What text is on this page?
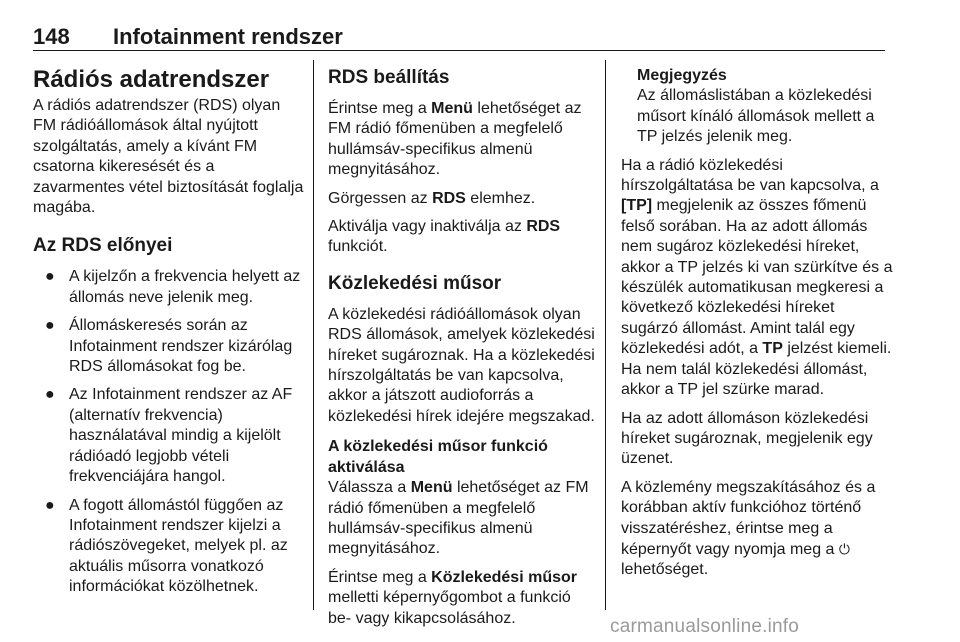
148 Infotainment rendszer
Rádiós adatrendszer

A rádiós adatrendszer (RDS) olyan FM rádióállomások által nyújtott szolgáltatás, amely a kívánt FM csatorna kikeresését és a zavarmentes vétel biztosítását foglalja magába.

Az RDS előnyei
● A kijelzőn a frekvencia helyett az állomás neve jelenik meg.
● Állomáskeresés során az Infotainment rendszer kizárólag RDS állomásokat fog be.
● Az Infotainment rendszer az AF (alternatív frekvencia) használatával mindig a kijelölt rádióadó legjobb vételi frekvenciájára hangol.
● A fogott állomástól függően az Infotainment rendszer kijelzi a rádiószövegeket, melyek pl. az aktuális műsorra vonatkozó információkat közölhetnek.
RDS beállítás

Érintse meg a Menü lehetőséget az FM rádió főmenüben a megfelelő hullámsáv-specifikus almenü megnyitásához.

Görgessen az RDS elemhez.

Aktiválja vagy inaktiválja az RDS funkciót.

Közlekedési műsor

A közlekedési rádióállomások olyan RDS állomások, amelyek közlekedési híreket sugároznak. Ha a közlekedési hírszolgáltatás be van kapcsolva, akkor a játszott audioforrás a közlekedési hírek idejére megszakad.

A közlekedési műsor funkció aktiválása

Válassza a Menü lehetőséget az FM rádió főmenüben a megfelelő hullámsáv-specifikus almenü megnyitásához.

Érintse meg a Közlekedési műsor melletti képernyőgombot a funkció be- vagy kikapcsolásához.

Megjegyzés
Az állomáslistában a közlekedési műsort kínáló állomások mellett a TP jelzés jelenik meg.

Ha a rádió közlekedési hírszolgáltatása be van kapcsolva, a [TP] megjelenik az összes főmenü felső sorában. Ha az adott állomás nem sugároz közlekedési híreket, akkor a TP jelzés ki van szürkítve és a készülék automatikusan megkeresi a következő közlekedési híreket sugárzó állomást. Amint talál egy közlekedési adót, a TP jelzést kiemeli. Ha nem talál közlekedési állomást, akkor a TP jel szürke marad.

Ha az adott állomáson közlekedési híreket sugároznak, megjelenik egy üzenet.

A közlemény megszakításához és a korábban aktív funkcióhoz történő visszatéréshez, érintse meg a képernyőt vagy nyomja meg a ⏻ lehetőséget.

carmanualsonline.info
